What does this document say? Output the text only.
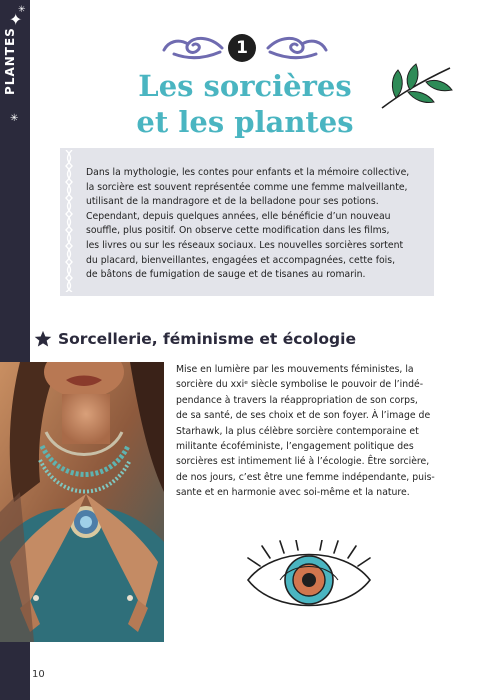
✦
✳
PLANTES
✳
1
Les sorcières
et les plantes
Dans la mythologie, les contes pour enfants et la mémoire collective,
la sorcière est souvent représentée comme une femme malveillante,
utilisant de la mandragore et de la belladone pour ses potions.
Cependant, depuis quelques années, elle bénéficie d’un nouveau
souffle, plus positif. On observe cette modification dans les films,
les livres ou sur les réseaux sociaux. Les nouvelles sorcières sortent
du placard, bienveillantes, engagées et accompagnées, cette fois,
de bâtons de fumigation de sauge et de tisanes au romarin.
Sorcellerie, féminisme et écologie
Mise en lumière par les mouvements féministes, la
sorcière du xxiᵉ siècle symbolise le pouvoir de l’indé-
pendance à travers la réappropriation de son corps,
de sa santé, de ses choix et de son foyer. À l’image de
Starhawk, la plus célèbre sorcière contemporaine et
militante écoféministe, l’engagement politique des
sorcières est intimement lié à l’écologie. Être sorcière,
de nos jours, c’est être une femme indépendante, puis-
sante et en harmonie avec soi-même et la nature.
10
